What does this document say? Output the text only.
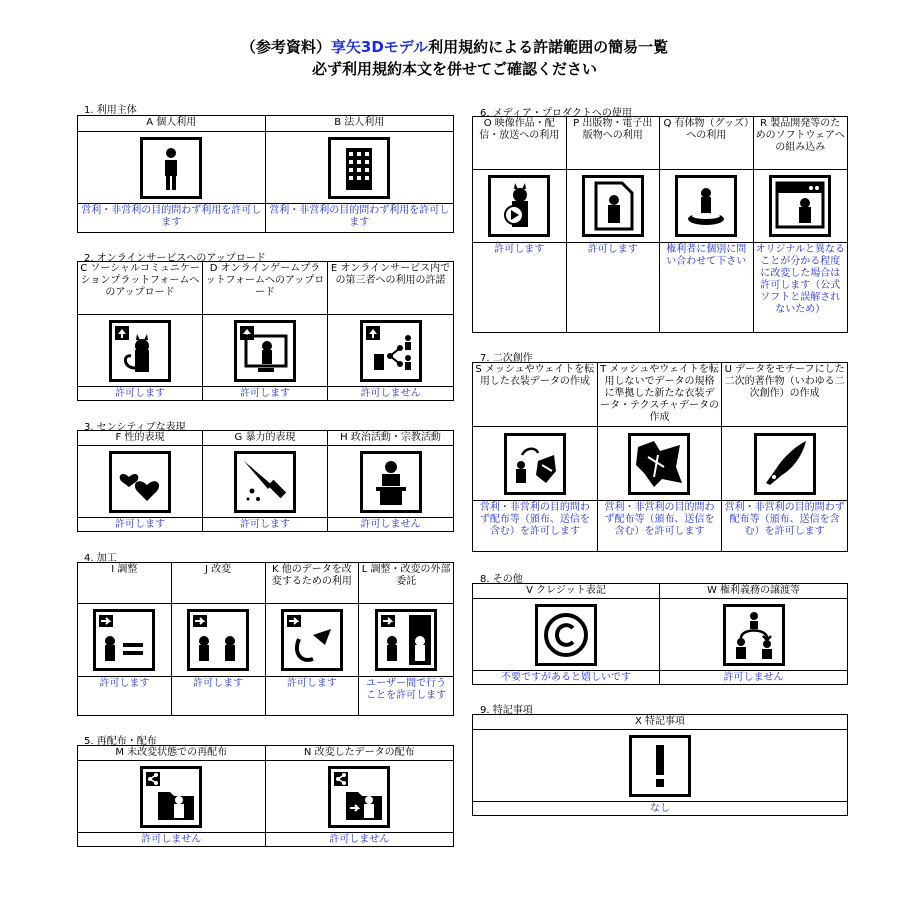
（参考資料）享矢3Dモデル利用規約による許諾範囲の簡易一覧
必ず利用規約本文を併せてご確認ください
1. 利用主体
A 個人利用
営利・非営利の目的問わず利用を許可します
B 法人利用
営利・非営利の目的問わず利用を許可します
2. オンラインサービスへのアップロード
C ソーシャルコミュニケーションプラットフォームへのアップロード
許可します
D オンラインゲームプラットフォームへのアップロード
許可します
E オンラインサービス内での第三者への利用の許諾
許可しません
3. センシティブな表現
F 性的表現
許可します
G 暴力的表現
許可します
H 政治活動・宗教活動
許可しません
4. 加工
I 調整
許可します
J 改変
許可します
K 他のデータを改変するための利用
許可します
L 調整・改変の外部委託
ユーザー間で行うことを許可します
5. 再配布・配布
M 未改変状態での再配布
許可しません
N 改変したデータの配布
許可しません
6. メディア・プロダクトへの使用
O 映像作品・配信・放送への利用
許可します
P 出版物・電子出版物への利用
許可します
Q 有体物（グッズ）への利用
権利者に個別に問い合わせて下さい
R 製品開発等のためのソフトウェアへの組み込み
オリジナルと異なることが分かる程度に改変した場合は許可します（公式ソフトと誤解されないため）
7. 二次創作
S メッシュやウェイトを転用した衣装データの作成
営利・非営利の目的問わず配布等（頒布、送信を含む）を許可します
T メッシュやウェイトを転用しないでデータの規格に準拠した新たな衣装データ・テクスチャデータの作成
営利・非営利の目的問わず配布等（頒布、送信を含む）を許可します
U データをモチーフにした二次的著作物（いわゆる二次創作）の作成
営利・非営利の目的問わず配布等（頒布、送信を含む）を許可します
8. その他
V クレジット表記
不要ですがあると嬉しいです
W 権利義務の譲渡等
許可しません
9. 特記事項
X 特記事項
なし
